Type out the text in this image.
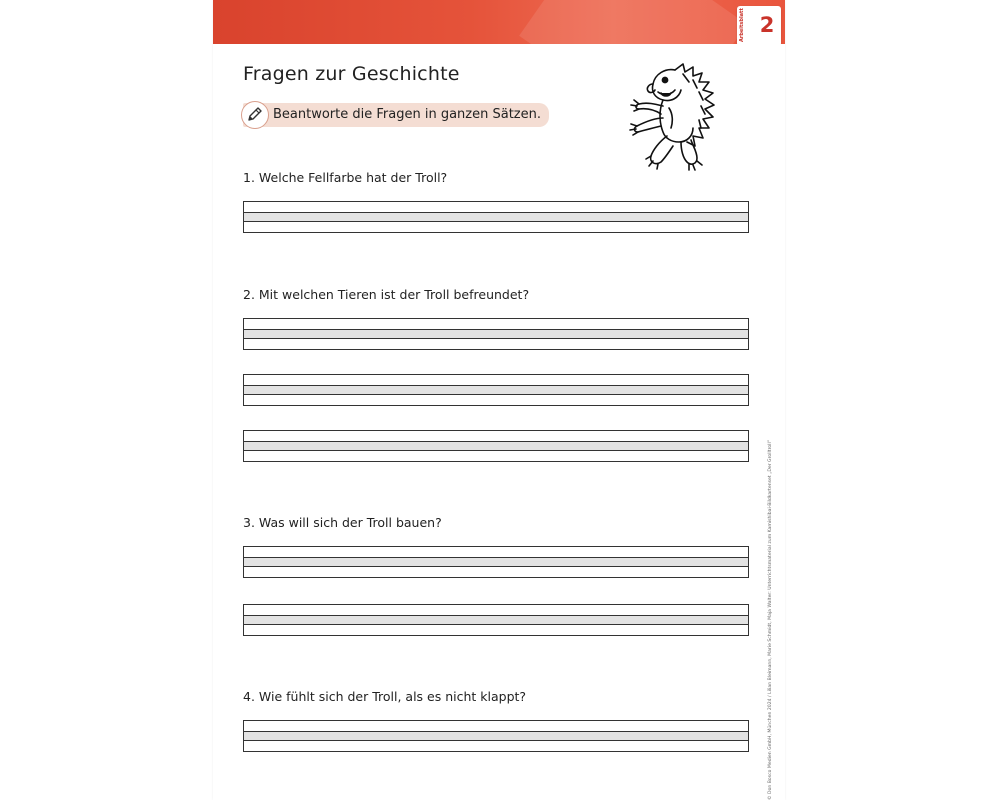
Arbeitsblatt 2
Fragen zur Geschichte
Beantworte die Fragen in ganzen Sätzen.
1. Welche Fellfarbe hat der Troll?
2. Mit welchen Tieren ist der Troll befreundet?
3. Was will sich der Troll bauen?
4. Wie fühlt sich der Troll, als es nicht klappt?	© Don Bosco Medien GmbH, München 2024 / Lilian Bleimann, Marie Schmidt, Maja Walter: Unterrichtsmaterial zum Kamishibai-Bildkartenset „Der Grolltroll“
